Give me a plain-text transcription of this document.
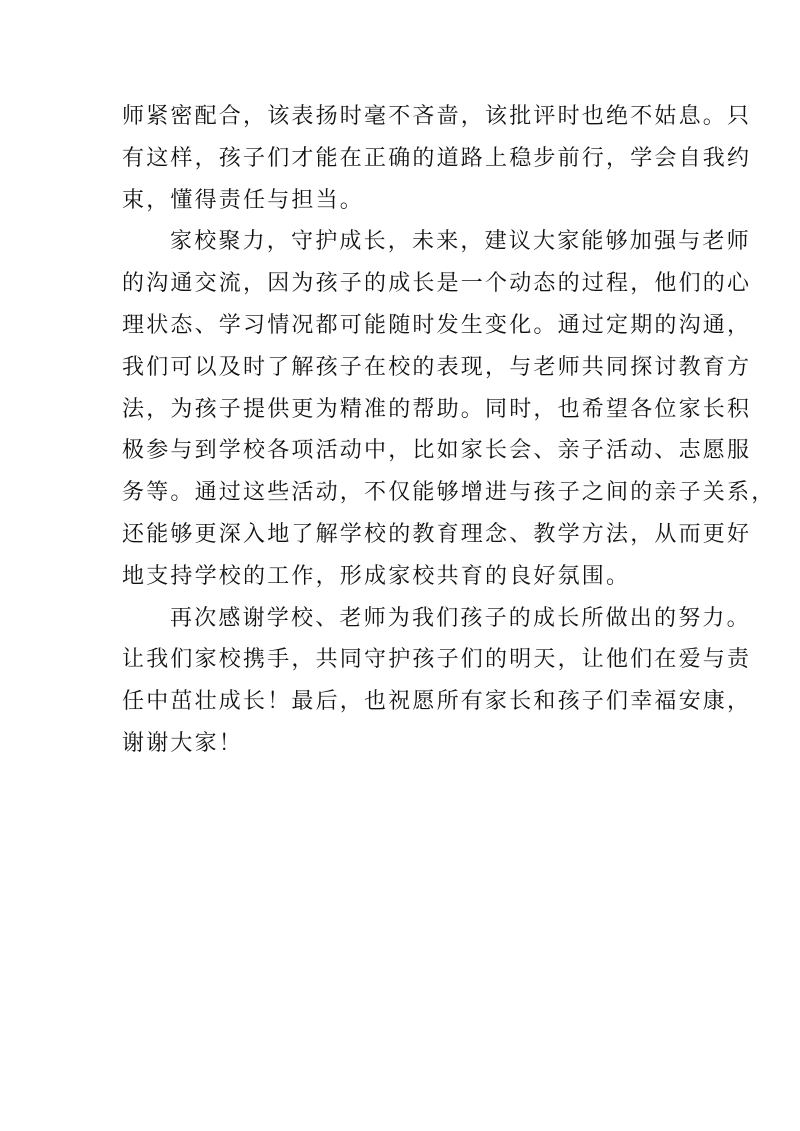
师紧密配合，该表扬时毫不吝啬，该批评时也绝不姑息。只
有这样，孩子们才能在正确的道路上稳步前行，学会自我约
束，懂得责任与担当。

家校聚力，守护成长，未来，建议大家能够加强与老师
的沟通交流，因为孩子的成长是一个动态的过程，他们的心
理状态、学习情况都可能随时发生变化。通过定期的沟通，
我们可以及时了解孩子在校的表现，与老师共同探讨教育方
法，为孩子提供更为精准的帮助。同时，也希望各位家长积
极参与到学校各项活动中，比如家长会、亲子活动、志愿服
务等。通过这些活动，不仅能够增进与孩子之间的亲子关系，
还能够更深入地了解学校的教育理念、教学方法，从而更好
地支持学校的工作，形成家校共育的良好氛围。

再次感谢学校、老师为我们孩子的成长所做出的努力。
让我们家校携手，共同守护孩子们的明天，让他们在爱与责
任中茁壮成长！最后，也祝愿所有家长和孩子们幸福安康，
谢谢大家！
